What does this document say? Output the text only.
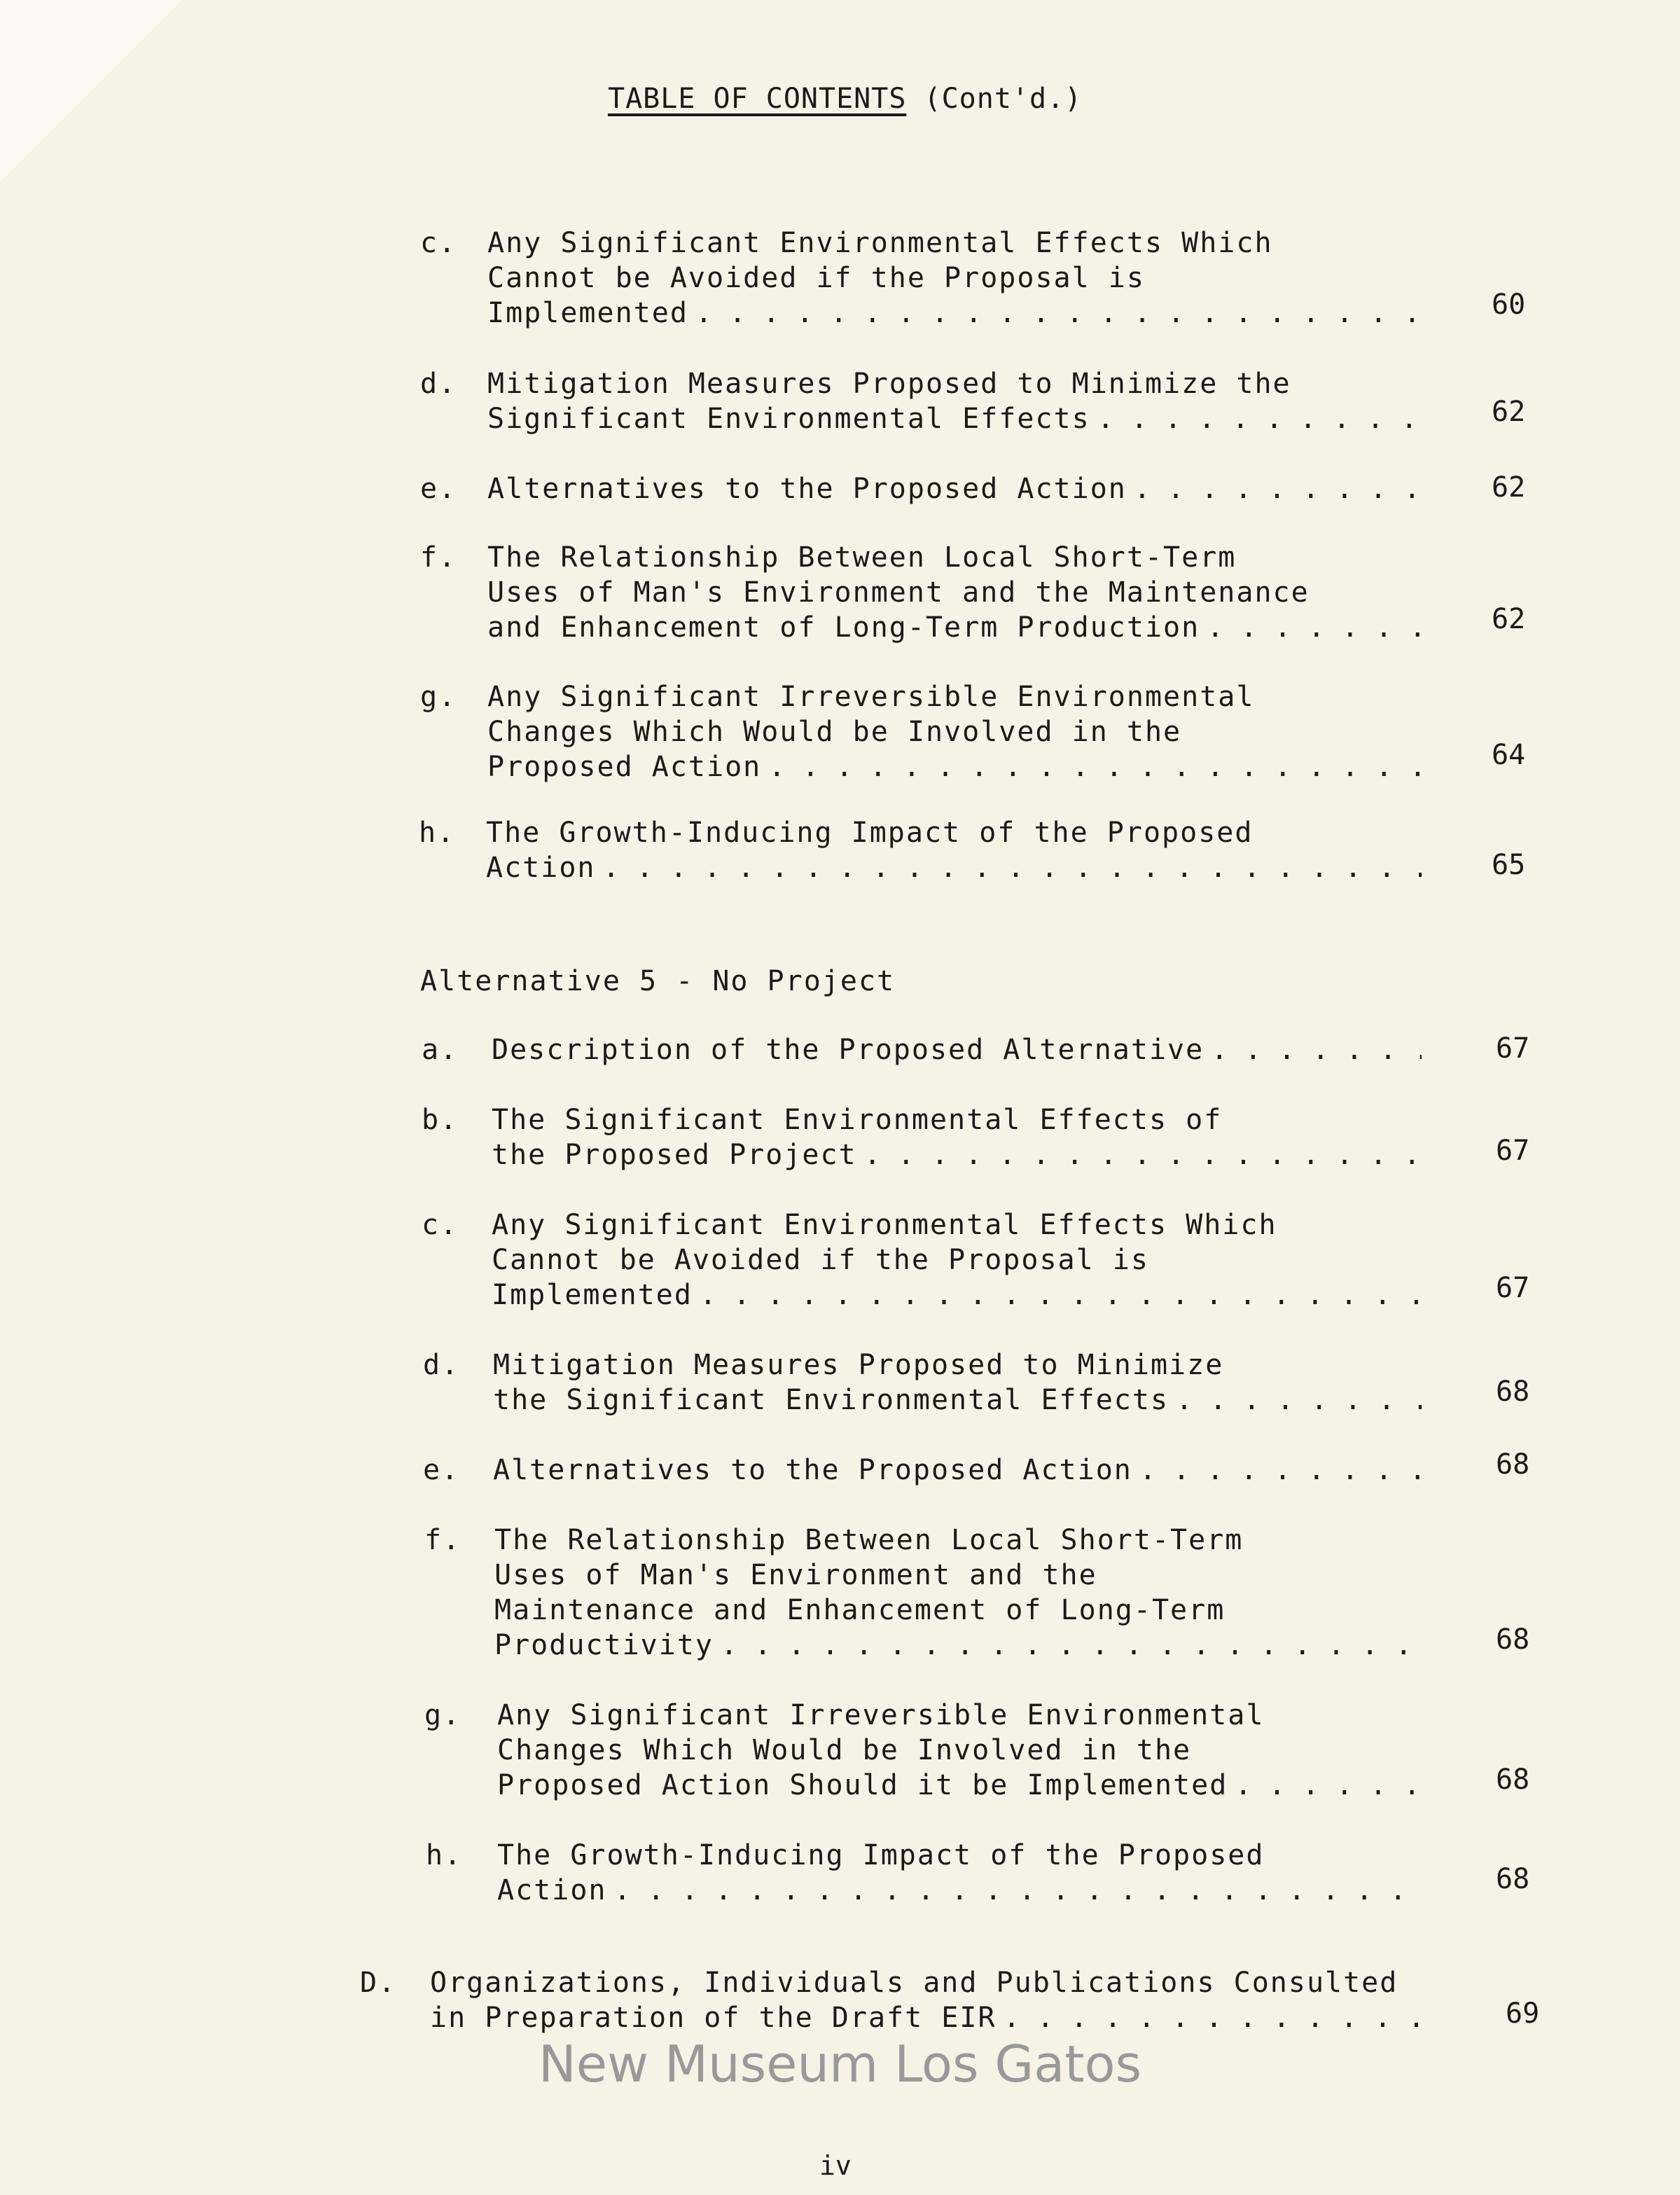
TABLE OF CONTENTS (Cont'd.)
c. Any Significant Environmental Effects Which
Cannot be Avoided if the Proposal is
Implemented . . .	60
d. Mitigation Measures Proposed to Minimize the
Significant Environmental Effects . . .	62
e. Alternatives to the Proposed Action . . .	62
f. The Relationship Between Local Short-Term
Uses of Man's Environment and the Maintenance
and Enhancement of Long-Term Production . . .	62
g. Any Significant Irreversible Environmental
Changes Which Would be Involved in the
Proposed Action . . .	64
h. The Growth-Inducing Impact of the Proposed
Action . . .	65
Alternative 5 - No Project
a. Description of the Proposed Alternative . . .	67
b. The Significant Environmental Effects of
the Proposed Project . . .	67
c. Any Significant Environmental Effects Which
Cannot be Avoided if the Proposal is
Implemented . . .	67
d. Mitigation Measures Proposed to Minimize
the Significant Environmental Effects . . .	68
e. Alternatives to the Proposed Action . . .	68
f. The Relationship Between Local Short-Term
Uses of Man's Environment and the
Maintenance and Enhancement of Long-Term
Productivity . . .	68
g. Any Significant Irreversible Environmental
Changes Which Would be Involved in the
Proposed Action Should it be Implemented . . .	68
h. The Growth-Inducing Impact of the Proposed
Action . . .	68
D. Organizations, Individuals and Publications Consulted
in Preparation of the Draft EIR . . .	69
New Museum Los Gatos
iv
